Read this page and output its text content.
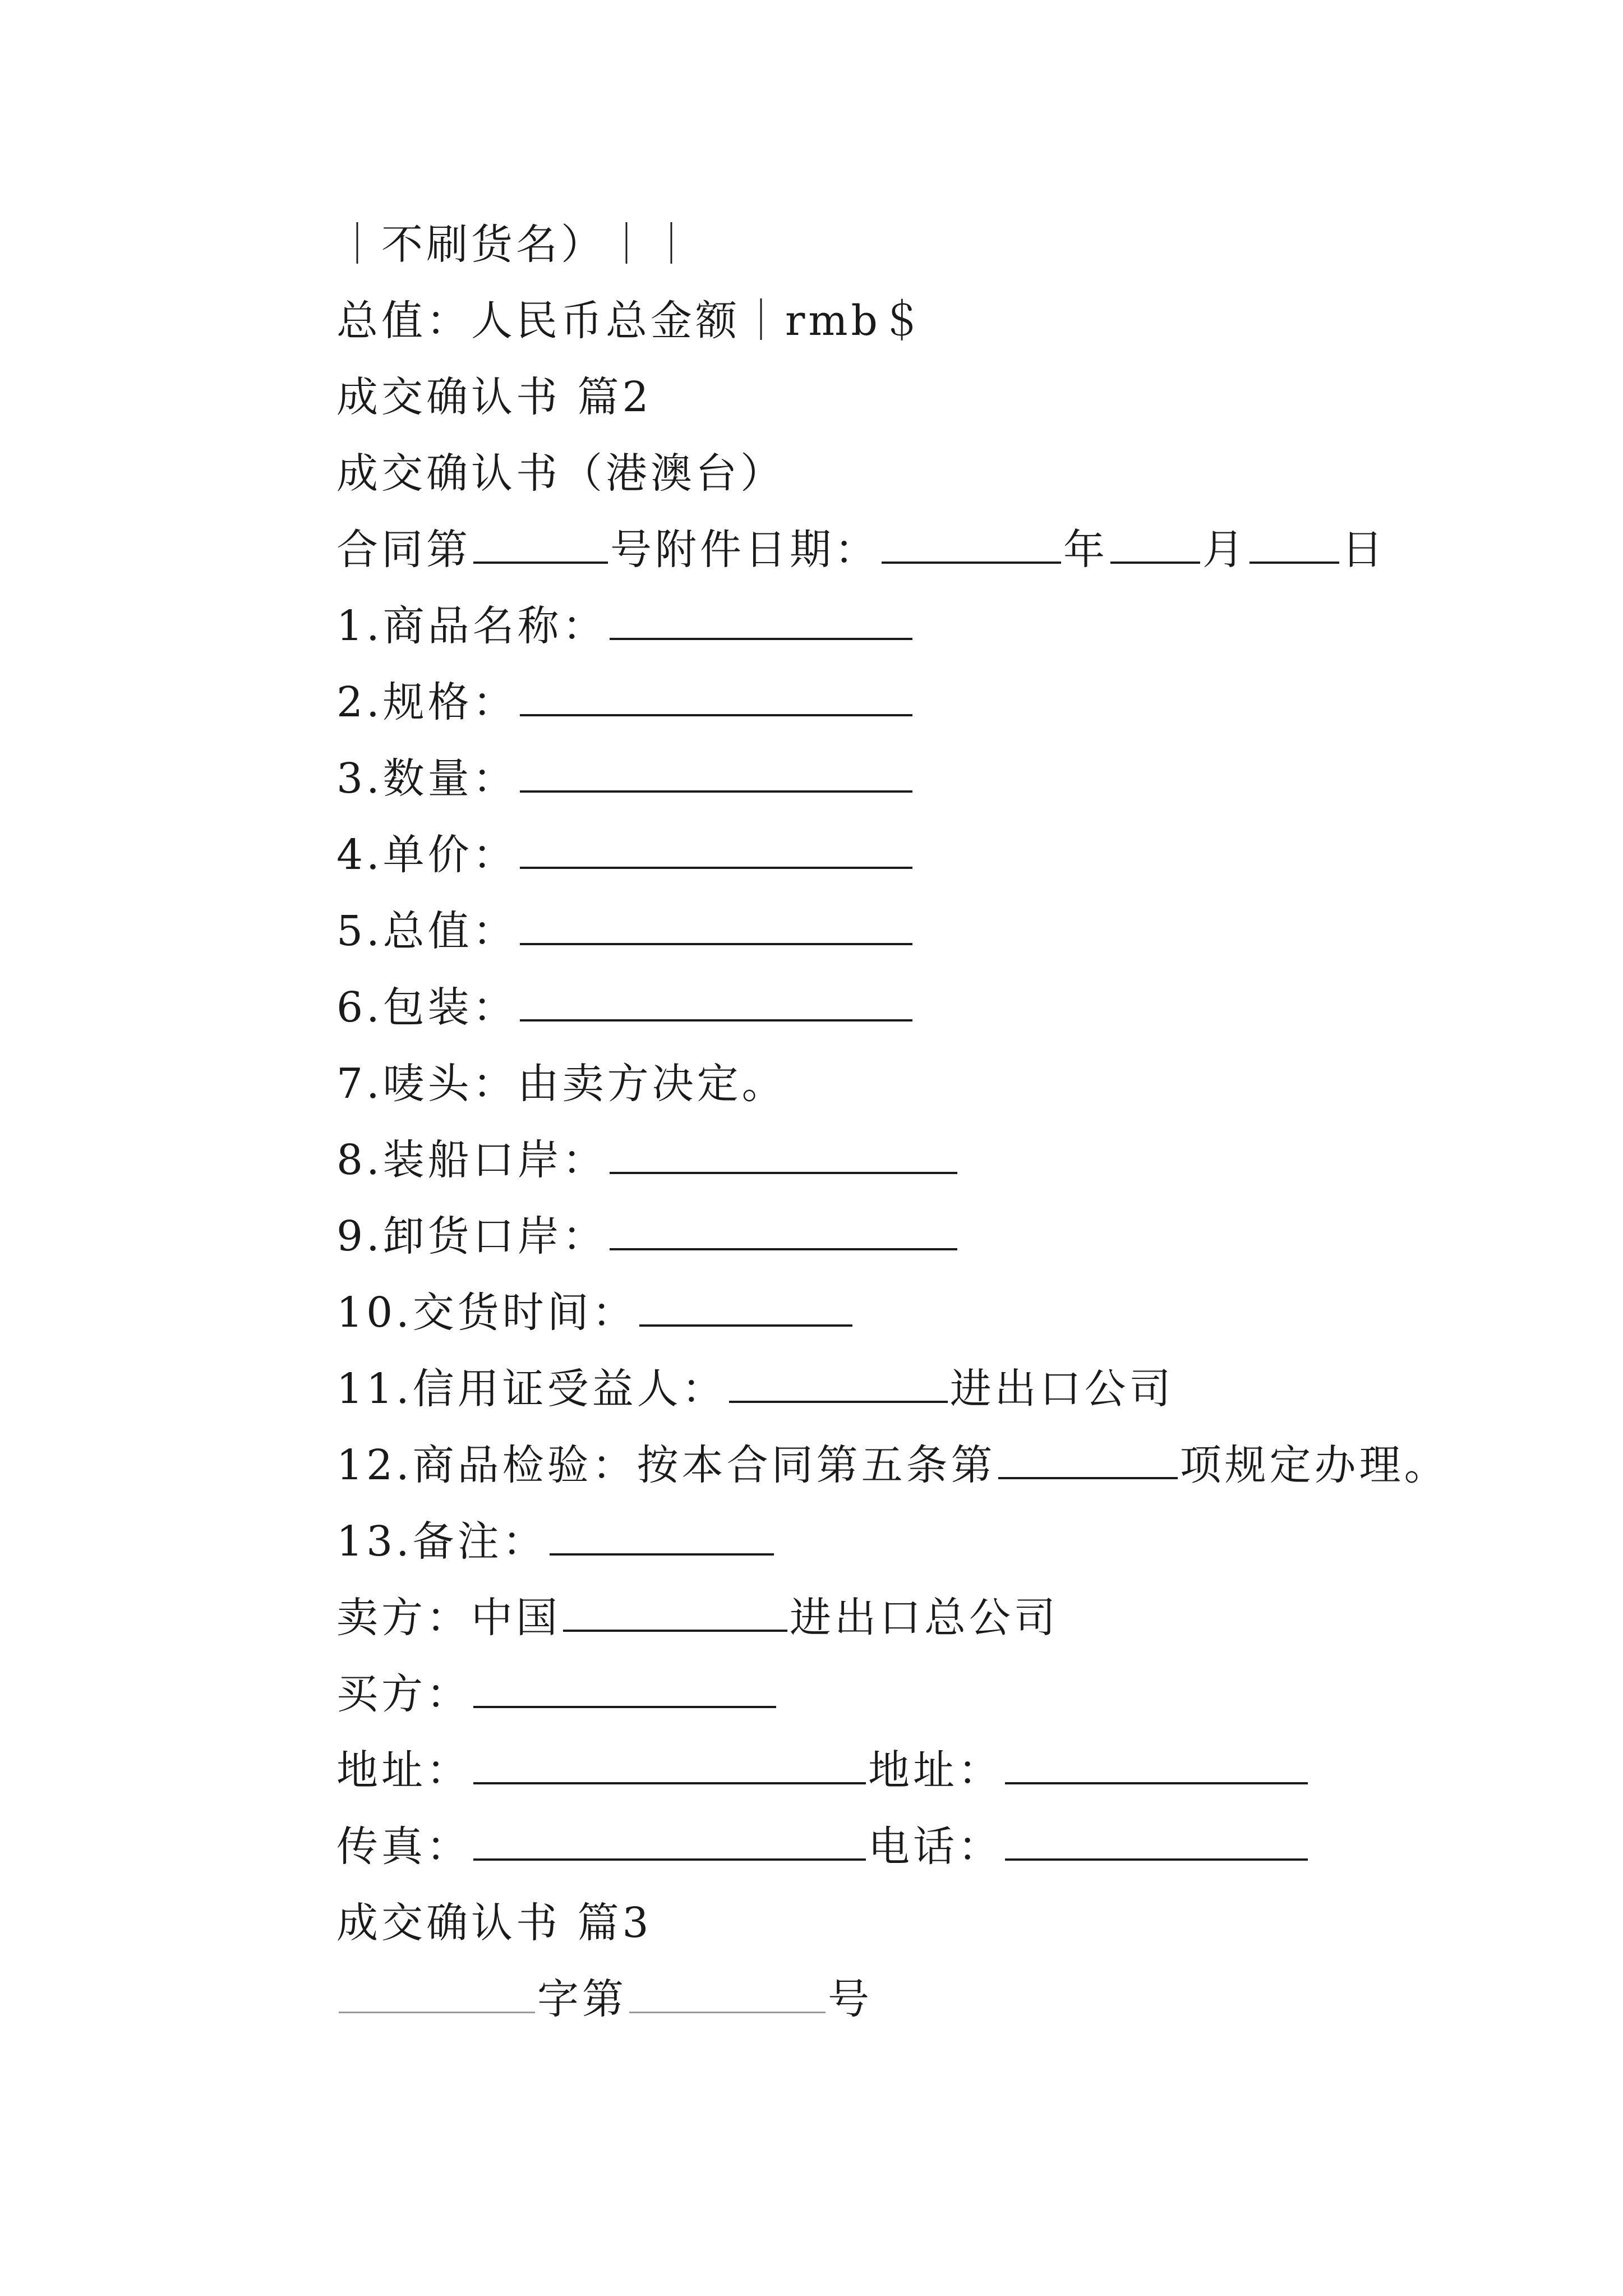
｜不刷货名）｜｜
总值：人民币总金额｜rmb＄
成交确认书 篇2
成交确认书（港澳台）
合同第	号附件日期：	年 月 日
1.商品名称：
2.规格：
3.数量：
4.单价：
5.总值：
6.包装：
7.唛头：由卖方决定。
8.装船口岸：
9.卸货口岸：
10.交货时间：
11.信用证受益人：	进出口公司
12.商品检验：按本合同第五条第	项规定办理。
13.备注：
卖方：中国	进出口总公司
买方：
地址：	地址：
传真：	电话：
成交确认书 篇3
字第	号
